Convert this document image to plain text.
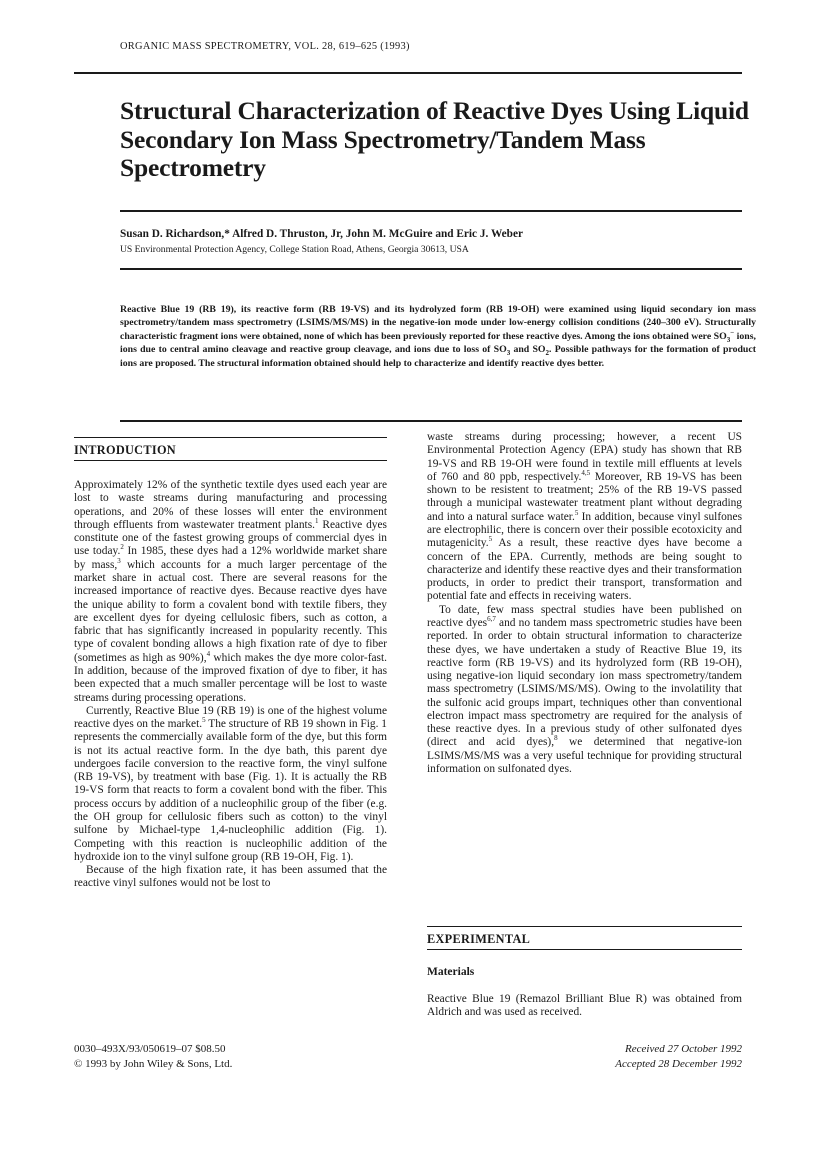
ORGANIC MASS SPECTROMETRY, VOL. 28, 619–625 (1993)
Structural Characterization of Reactive Dyes Using Liquid Secondary Ion Mass Spectrometry/Tandem Mass Spectrometry
Susan D. Richardson,* Alfred D. Thruston, Jr, John M. McGuire and Eric J. Weber
US Environmental Protection Agency, College Station Road, Athens, Georgia 30613, USA
Reactive Blue 19 (RB 19), its reactive form (RB 19-VS) and its hydrolyzed form (RB 19-OH) were examined using liquid secondary ion mass spectrometry/tandem mass spectrometry (LSIMS/MS/MS) in the negative-ion mode under low-energy collision conditions (240–300 eV). Structurally characteristic fragment ions were obtained, none of which has been previously reported for these reactive dyes. Among the ions obtained were $SO_3^-$ ions, ions due to central amino cleavage and reactive group cleavage, and ions due to loss of $SO_3$ and $SO_2$. Possible pathways for the formation of product ions are proposed. The structural information obtained should help to characterize and identify reactive dyes better.
INTRODUCTION

Approximately 12% of the synthetic textile dyes used each year are lost to waste streams during manufacturing and processing operations, and 20% of these losses will enter the environment through effluents from wastewater treatment plants.$^1$ Reactive dyes constitute one of the fastest growing groups of commercial dyes in use today.$^2$ In 1985, these dyes had a 12% worldwide market share by mass,$^3$ which accounts for a much larger percentage of the market share in actual cost. There are several reasons for the increased importance of reactive dyes. Because reactive dyes have the unique ability to form a covalent bond with textile fibers, they are excellent dyes for dyeing cellulosic fibers, such as cotton, a fabric that has significantly increased in popularity recently. This type of covalent bonding allows a high fixation rate of dye to fiber (sometimes as high as 90%),$^4$ which makes the dye more color-fast. In addition, because of the improved fixation of dye to fiber, it has been expected that a much smaller percentage will be lost to waste streams during processing operations.

Currently, Reactive Blue 19 (RB 19) is one of the highest volume reactive dyes on the market.$^5$ The structure of RB 19 shown in Fig. 1 represents the commercially available form of the dye, but this form is not its actual reactive form. In the dye bath, this parent dye undergoes facile conversion to the reactive form, the vinyl sulfone (RB 19-VS), by treatment with base (Fig. 1). It is actually the RB 19-VS form that reacts to form a covalent bond with the fiber. This process occurs by addition of a nucleophilic group of the fiber (e.g. the OH group for cellulosic fibers such as cotton) to the vinyl sulfone by Michael-type 1,4-nucleophilic addition (Fig. 1). Competing with this reaction is nucleophilic addition of the hydroxide ion to the vinyl sulfone group (RB 19-OH, Fig. 1).

Because of the high fixation rate, it has been assumed that the reactive vinyl sulfones would not be lost to

waste streams during processing; however, a recent US Environmental Protection Agency (EPA) study has shown that RB 19-VS and RB 19-OH were found in textile mill effluents at levels of 760 and 80 ppb, respectively.$^{4,5}$ Moreover, RB 19-VS has been shown to be resistent to treatment; 25% of the RB 19-VS passed through a municipal wastewater treatment plant without degrading and into a natural surface water.$^5$ In addition, because vinyl sulfones are electrophilic, there is concern over their possible ecotoxicity and mutagenicity.$^5$ As a result, these reactive dyes have become a concern of the EPA. Currently, methods are being sought to characterize and identify these reactive dyes and their transformation products, in order to predict their transport, transformation and potential fate and effects in receiving waters.

To date, few mass spectral studies have been published on reactive dyes$^{6,7}$ and no tandem mass spectrometric studies have been reported. In order to obtain structural information to characterize these dyes, we have undertaken a study of Reactive Blue 19, its reactive form (RB 19-VS) and its hydrolyzed form (RB 19-OH), using negative-ion liquid secondary ion mass spectrometry/tandem mass spectrometry (LSIMS/MS/MS). Owing to the involatility that the sulfonic acid groups impart, techniques other than conventional electron impact mass spectrometry are required for the analysis of these reactive dyes. In a previous study of other sulfonated dyes (direct and acid dyes),$^8$ we determined that negative-ion LSIMS/MS/MS was a very useful technique for providing structural information on sulfonated dyes.

EXPERIMENTAL
Materials
Reactive Blue 19 (Remazol Brilliant Blue R) was obtained from Aldrich and was used as received.
0030–493X/93/050619–07 $08.50
© 1993 by John Wiley & Sons, Ltd.
Received 27 October 1992
Accepted 28 December 1992
